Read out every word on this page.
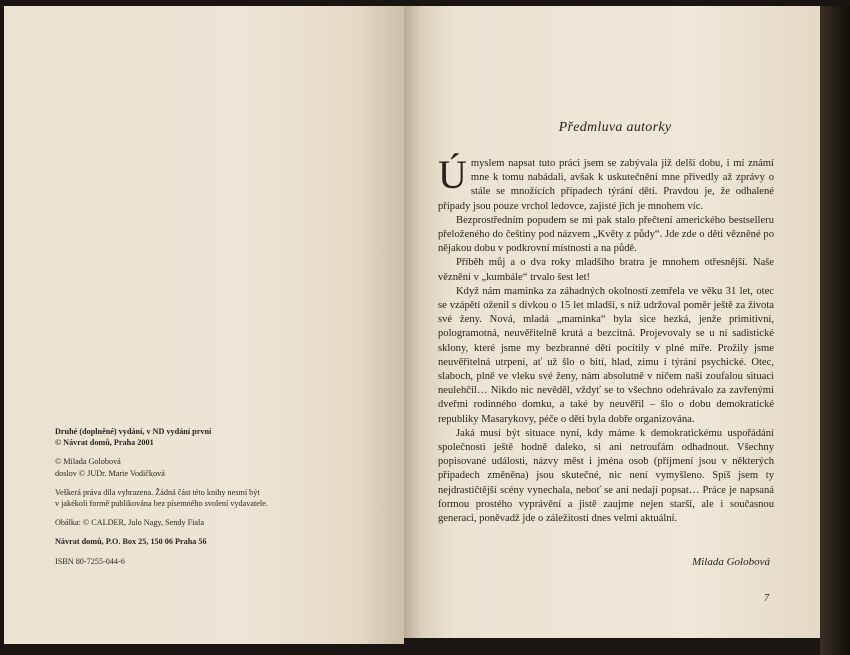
Druhé (doplněné) vydání, v ND vydání první

© Návrat domů, Praha 2001

© Milada Golobová

doslov © JUDr. Marie Vodičková

Veškerá práva díla vyhrazena. Žádná část této knihy nesmí být

v jakékoli formě publikována bez písemného svolení vydavatele.

Obálka: © CALDER, Julo Nagy, Sendy Fiala

Návrat domů, P.O. Box 25, 150 06 Praha 56

ISBN 80-7255-044-6

Předmluva autorky

Úmyslem napsat tuto práci jsem se zabývala již delší dobu, i mí známí mne k tomu nabádali, avšak k uskutečnění mne přivedly až zprávy o stále se množících případech týrání dětí. Pravdou je, že odhalené případy jsou pouze vrchol ledovce, zajisté jich je mnohem víc.

Bezprostředním popudem se mi pak stalo přečtení amerického bestselleru přeloženého do češtiny pod názvem „Květy z půdy“. Jde zde o děti vězněné po nějakou dobu v podkrovní místnosti a na půdě.

Příběh můj a o dva roky mladšího bratra je mnohem otřesnější. Naše věznění v „kumbále“ trvalo šest let!

Když nám maminka za záhadných okolností zemřela ve věku 31 let, otec se vzápětí oženil s dívkou o 15 let mladší, s níž udržoval poměr ještě za života své ženy. Nová, mladá „maminka“ byla sice hezká, jenže primitivní, pologramotná, neuvěřitelně krutá a bezcitná. Projevovaly se u ní sadistické sklony, které jsme my bezbranné děti pocítily v plné míře. Prožily jsme neuvěřitelná utrpení, ať už šlo o bití, hlad, zimu i týrání psychické. Otec, slaboch, plně ve vleku své ženy, nám absolutně v ničem naši zoufalou situaci neulehčil… Nikdo nic nevěděl, vždyť se to všechno odehrávalo za zavřenými dveřmi rodinného domku, a také by neuvěřil – šlo o dobu demokratické republiky Masarykovy, péče o děti byla dobře organizována.

Jaká musí být situace nyní, kdy máme k demokratickému uspořádání společnosti ještě hodně daleko, si ani netroufám odhadnout. Všechny popisované události, názvy měst i jména osob (příjmení jsou v některých případech změněna) jsou skutečné, nic není vymyšleno. Spíš jsem ty nejdrastičtější scény vynechala, neboť se ani nedají popsat… Práce je napsaná formou prostého vyprávění a jistě zaujme nejen starší, ale i současnou generaci, poněvadž jde o záležitosti dnes velmi aktuální.

Milada Golobová
7
